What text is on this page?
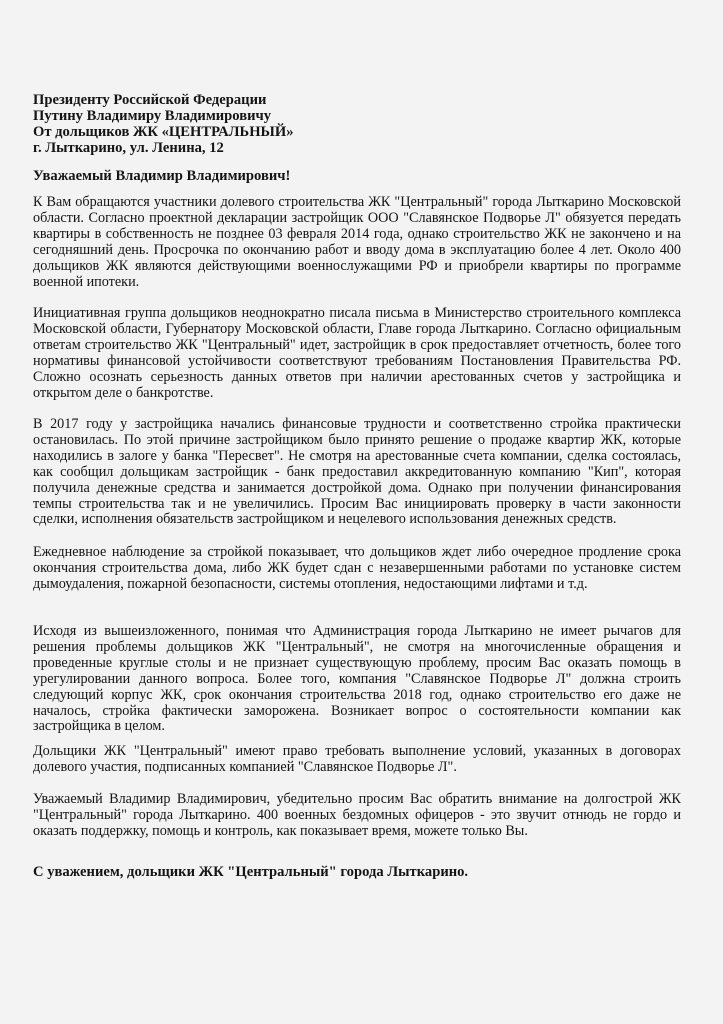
Президенту Российской Федерации
Путину Владимиру Владимировичу
От дольщиков ЖК «ЦЕНТРАЛЬНЫЙ»
г. Лыткарино, ул. Ленина, 12
Уважаемый Владимир Владимирович!
К Вам обращаются участники долевого строительства ЖК "Центральный" города Лыткарино Московской области. Согласно проектной декларации застройщик ООО "Славянское Подворье Л" обязуется передать квартиры в собственность не позднее 03 февраля 2014 года, однако строительство ЖК не закончено и на сегодняшний день. Просрочка по окончанию работ и вводу дома в эксплуатацию более 4 лет. Около 400 дольщиков ЖК являются действующими военнослужащими РФ и приобрели квартиры по программе военной ипотеки.
Инициативная группа дольщиков неоднократно писала письма в Министерство строительного комплекса Московской области, Губернатору Московской области, Главе города Лыткарино. Согласно официальным ответам строительство ЖК "Центральный" идет, застройщик в срок предоставляет отчетность, более того нормативы финансовой устойчивости соответствуют требованиям Постановления Правительства РФ. Сложно осознать серьезность данных ответов при наличии арестованных счетов у застройщика и открытом деле о банкротстве.
В 2017 году у застройщика начались финансовые трудности и соответственно стройка практически остановилась. По этой причине застройщиком было принято решение о продаже квартир ЖК, которые находились в залоге у банка "Пересвет". Не смотря на арестованные счета компании, сделка состоялась, как сообщил дольщикам застройщик - банк предоставил аккредитованную компанию "Кип", которая получила денежные средства и занимается достройкой дома. Однако при получении финансирования темпы строительства так и не увеличились. Просим Вас инициировать проверку в части законности сделки, исполнения обязательств застройщиком и нецелевого использования денежных средств.
Ежедневное наблюдение за стройкой показывает, что дольщиков ждет либо очередное продление срока окончания строительства дома, либо ЖК будет сдан с незавершенными работами по установке систем дымоудаления, пожарной безопасности, системы отопления, недостающими лифтами и т.д.
Исходя из вышеизложенного, понимая что Администрация города Лыткарино не имеет рычагов для решения проблемы дольщиков ЖК "Центральный", не смотря на многочисленные обращения и проведенные круглые столы и не признает существующую проблему, просим Вас оказать помощь в урегулировании данного вопроса. Более того, компания "Славянское Подворье Л" должна строить следующий корпус ЖК, срок окончания строительства 2018 год, однако строительство его даже не началось, стройка фактически заморожена. Возникает вопрос о состоятельности компании как застройщика в целом.
Дольщики ЖК "Центральный" имеют право требовать выполнение условий, указанных в договорах долевого участия, подписанных компанией "Славянское Подворье Л".
Уважаемый Владимир Владимирович, убедительно просим Вас обратить внимание на долгострой ЖК "Центральный" города Лыткарино. 400 военных бездомных офицеров - это звучит отнюдь не гордо и оказать поддержку, помощь и контроль, как показывает время, можете только Вы.
С уважением, дольщики ЖК "Центральный" города Лыткарино.
